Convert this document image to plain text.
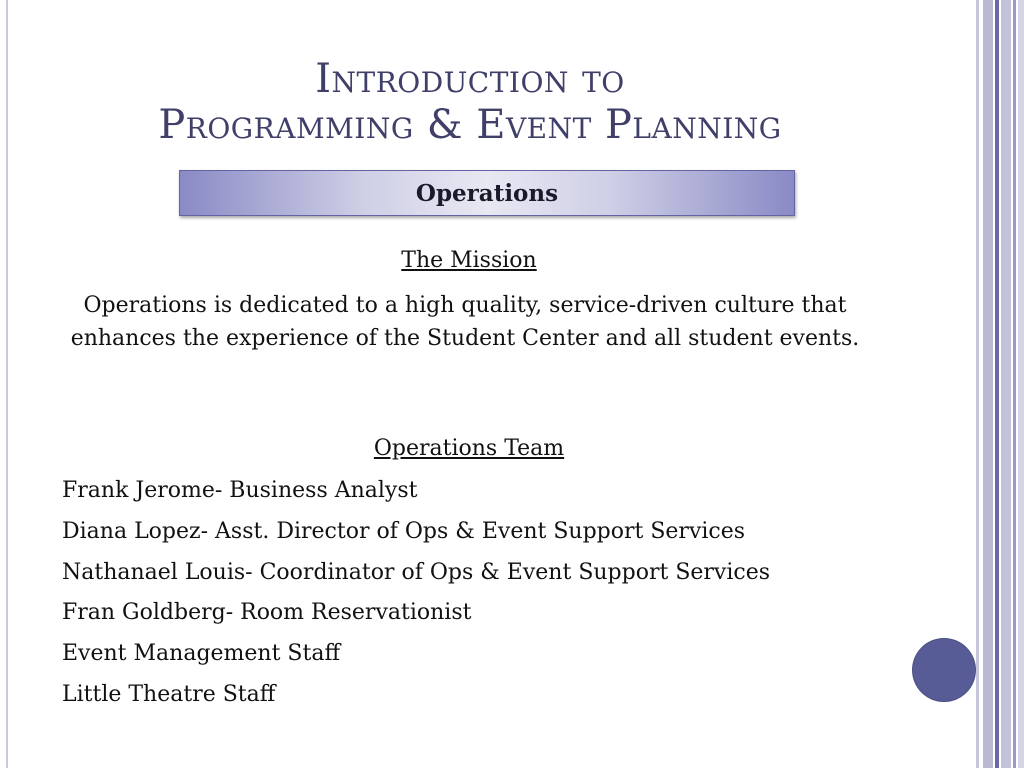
Introduction to
Programming & Event Planning
Operations
The Mission
Operations is dedicated to a high quality, service-driven culture that enhances the experience of the Student Center and all student events.
Operations Team
Frank Jerome- Business Analyst
Diana Lopez- Asst. Director of Ops & Event Support Services
Nathanael Louis- Coordinator of Ops & Event Support Services
Fran Goldberg- Room Reservationist
Event Management Staff
Little Theatre Staff
